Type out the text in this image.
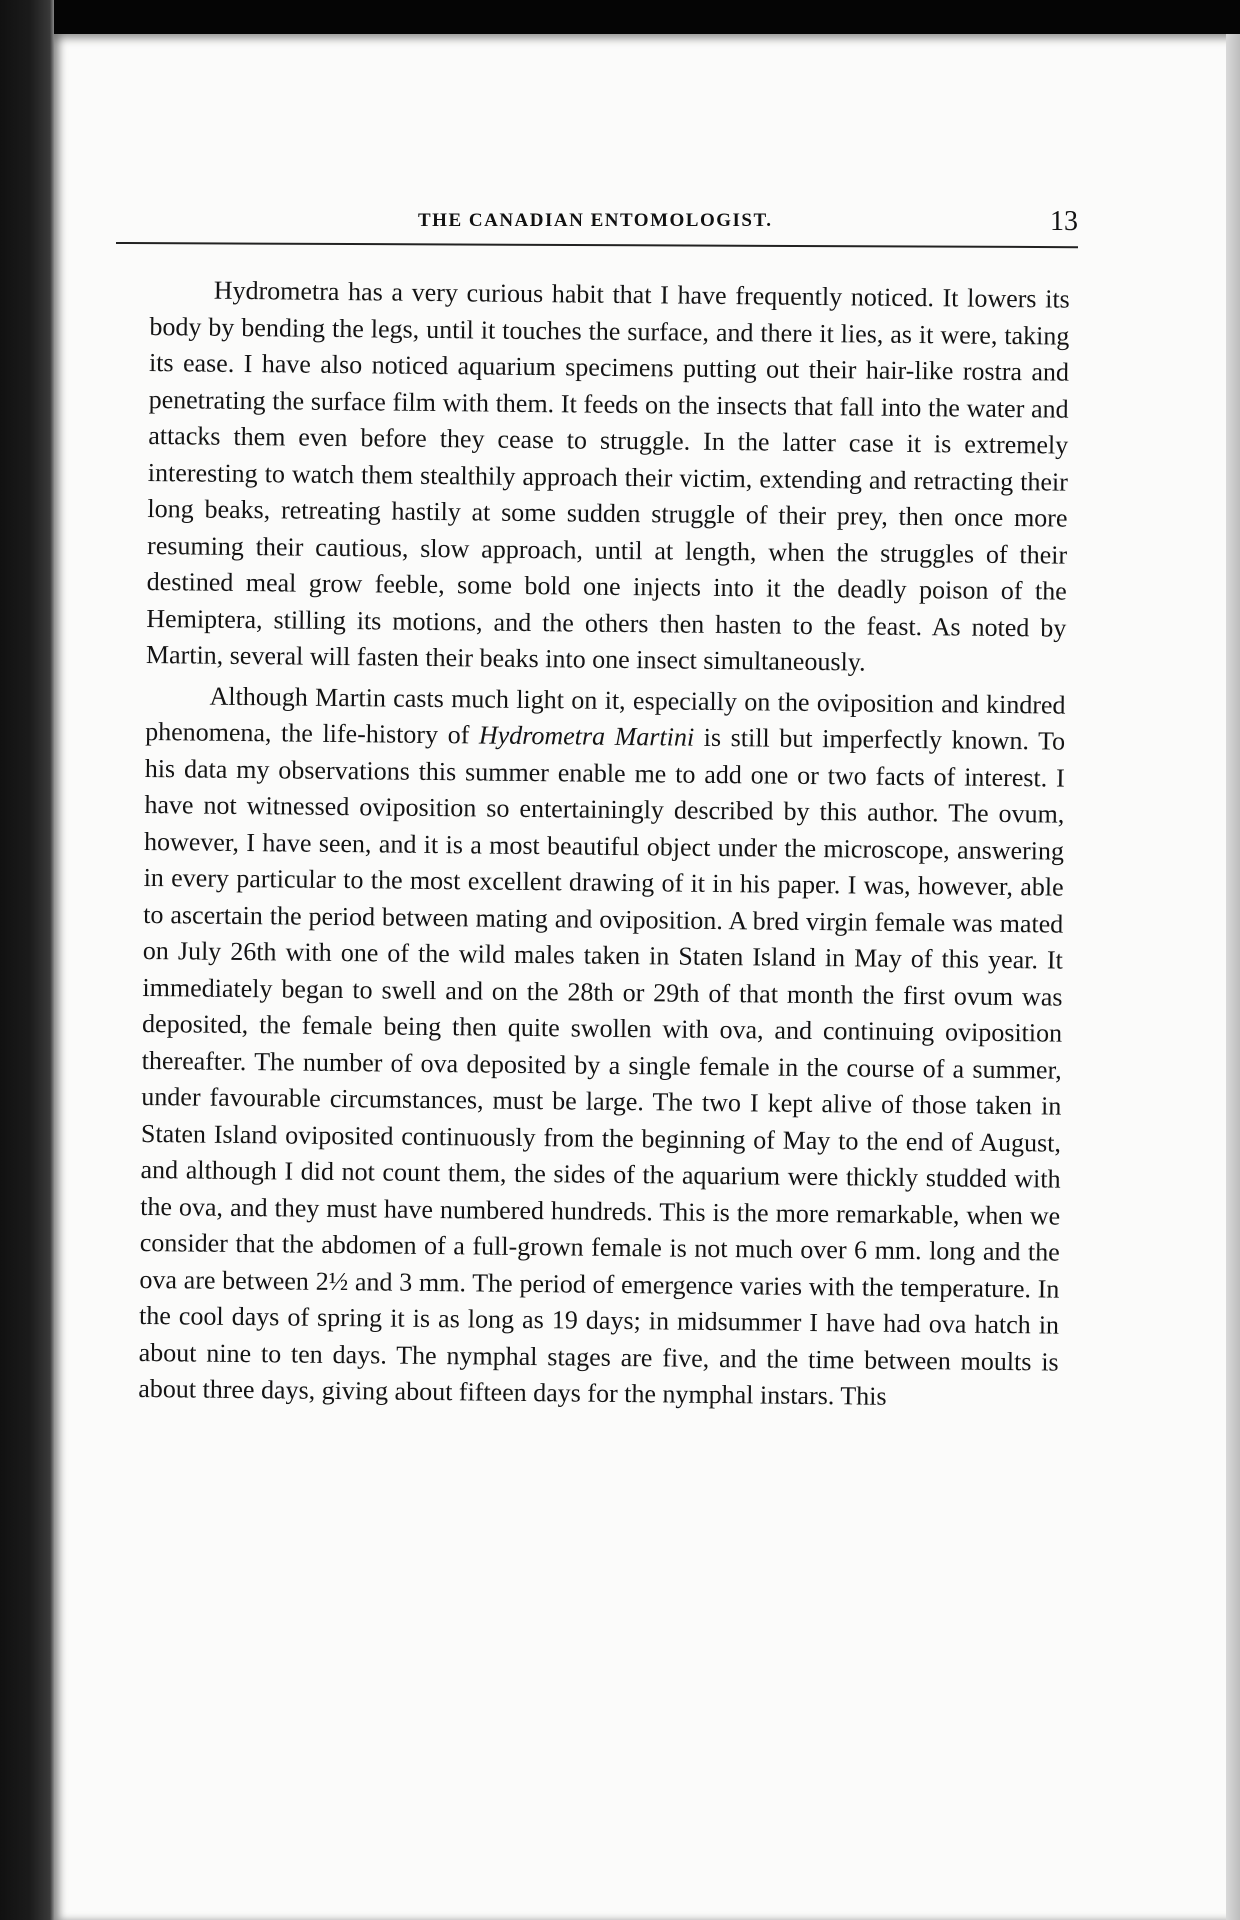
THE CANADIAN ENTOMOLOGIST.	13

Hydrometra has a very curious habit that I have frequently noticed. It lowers its body by bending the legs, until it touches the surface, and there it lies, as it were, taking its ease. I have also noticed aquarium specimens putting out their hair-like rostra and penetrating the surface film with them. It feeds on the insects that fall into the water and attacks them even before they cease to struggle. In the latter case it is extremely interesting to watch them stealthily approach their victim, extending and retracting their long beaks, retreating hastily at some sudden struggle of their prey, then once more resuming their cautious, slow approach, until at length, when the struggles of their destined meal grow feeble, some bold one injects into it the deadly poison of the Hemiptera, stilling its motions, and the others then hasten to the feast. As noted by Martin, several will fasten their beaks into one insect simultaneously.

Although Martin casts much light on it, especially on the oviposition and kindred phenomena, the life-history of Hydrometra Martini is still but imperfectly known. To his data my observations this summer enable me to add one or two facts of interest. I have not witnessed oviposition so entertainingly described by this author. The ovum, however, I have seen, and it is a most beautiful object under the microscope, answering in every particular to the most excellent drawing of it in his paper. I was, however, able to ascertain the period between mating and oviposition. A bred virgin female was mated on July 26th with one of the wild males taken in Staten Island in May of this year. It immediately began to swell and on the 28th or 29th of that month the first ovum was deposited, the female being then quite swollen with ova, and continuing oviposition thereafter. The number of ova deposited by a single female in the course of a summer, under favourable circumstances, must be large. The two I kept alive of those taken in Staten Island oviposited continuously from the beginning of May to the end of August, and although I did not count them, the sides of the aquarium were thickly studded with the ova, and they must have numbered hundreds. This is the more remarkable, when we consider that the abdomen of a full-grown female is not much over 6 mm. long and the ova are between 2½ and 3 mm. The period of emergence varies with the temperature. In the cool days of spring it is as long as 19 days; in midsummer I have had ova hatch in about nine to ten days. The nymphal stages are five, and the time between moults is about three days, giving about fifteen days for the nymphal instars. This
